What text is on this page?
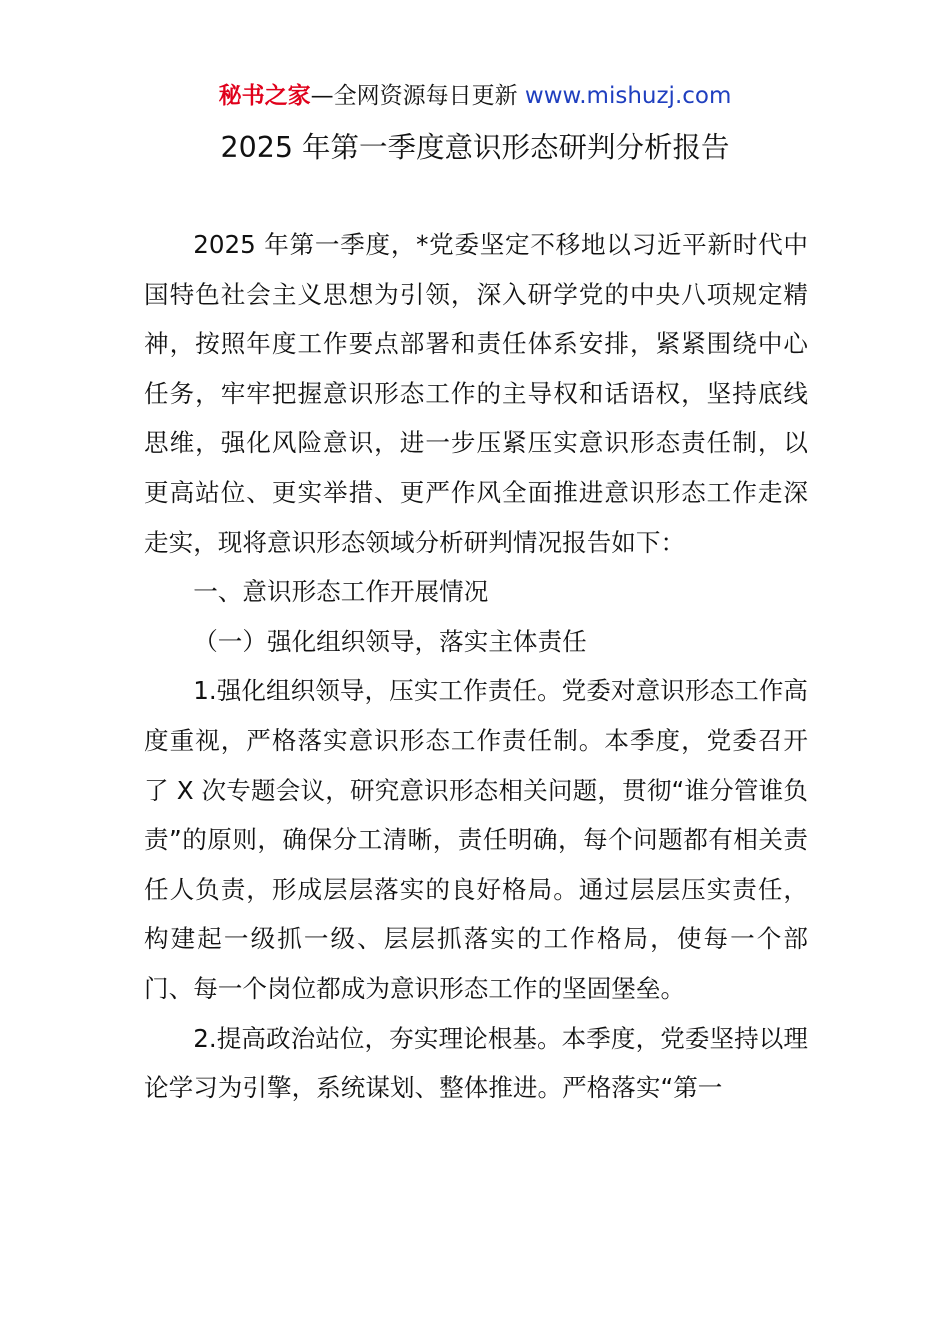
秘书之家—全网资源每日更新 www.mishuzj.com
2025 年第一季度意识形态研判分析报告

2025 年第一季度，*党委坚定不移地以习近平新时代中国特色社会主义思想为引领，深入研学党的中央八项规定精神，按照年度工作要点部署和责任体系安排，紧紧围绕中心任务，牢牢把握意识形态工作的主导权和话语权，坚持底线思维，强化风险意识，进一步压紧压实意识形态责任制，以更高站位、更实举措、更严作风全面推进意识形态工作走深走实，现将意识形态领域分析研判情况报告如下：

一、意识形态工作开展情况

（一）强化组织领导，落实主体责任

1.强化组织领导，压实工作责任。党委对意识形态工作高度重视，严格落实意识形态工作责任制。本季度，党委召开了 X 次专题会议，研究意识形态相关问题，贯彻“谁分管谁负责”的原则，确保分工清晰，责任明确，每个问题都有相关责任人负责，形成层层落实的良好格局。通过层层压实责任，构建起一级抓一级、层层抓落实的工作格局，使每一个部门、每一个岗位都成为意识形态工作的坚固堡垒。

2.提高政治站位，夯实理论根基。本季度，党委坚持以理论学习为引擎，系统谋划、整体推进。严格落实“第一
